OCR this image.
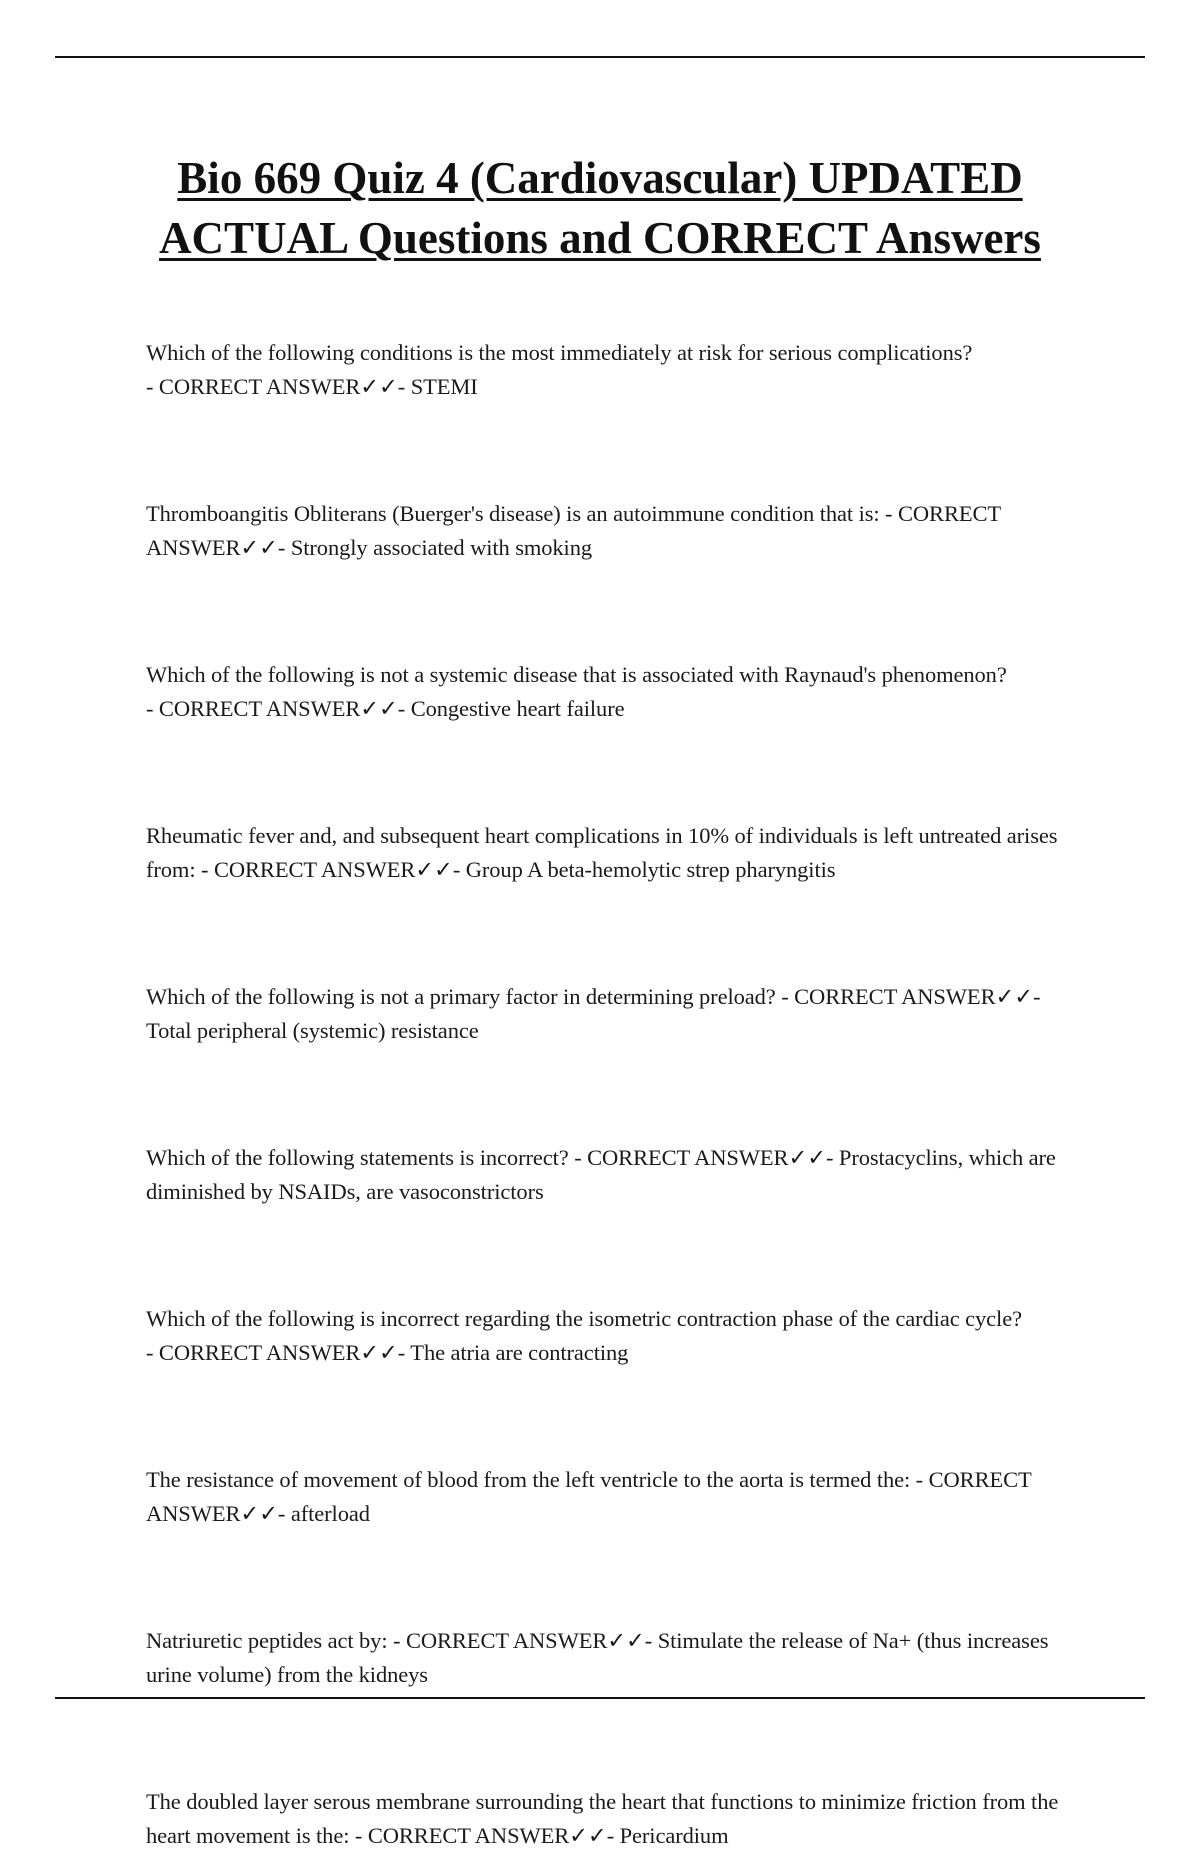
Bio 669 Quiz 4 (Cardiovascular) UPDATED ACTUAL Questions and CORRECT Answers
Which of the following conditions is the most immediately at risk for serious complications? - CORRECT ANSWER✓✓- STEMI
Thromboangitis Obliterans (Buerger's disease) is an autoimmune condition that is: - CORRECT ANSWER✓✓- Strongly associated with smoking
Which of the following is not a systemic disease that is associated with Raynaud's phenomenon? - CORRECT ANSWER✓✓- Congestive heart failure
Rheumatic fever and, and subsequent heart complications in 10% of individuals is left untreated arises from: - CORRECT ANSWER✓✓- Group A beta-hemolytic strep pharyngitis
Which of the following is not a primary factor in determining preload? - CORRECT ANSWER✓✓- Total peripheral (systemic) resistance
Which of the following statements is incorrect? - CORRECT ANSWER✓✓- Prostacyclins, which are diminished by NSAIDs, are vasoconstrictors
Which of the following is incorrect regarding the isometric contraction phase of the cardiac cycle? - CORRECT ANSWER✓✓- The atria are contracting
The resistance of movement of blood from the left ventricle to the aorta is termed the: - CORRECT ANSWER✓✓- afterload
Natriuretic peptides act by: - CORRECT ANSWER✓✓- Stimulate the release of Na+ (thus increases urine volume) from the kidneys
The doubled layer serous membrane surrounding the heart that functions to minimize friction from the heart movement is the: - CORRECT ANSWER✓✓- Pericardium
